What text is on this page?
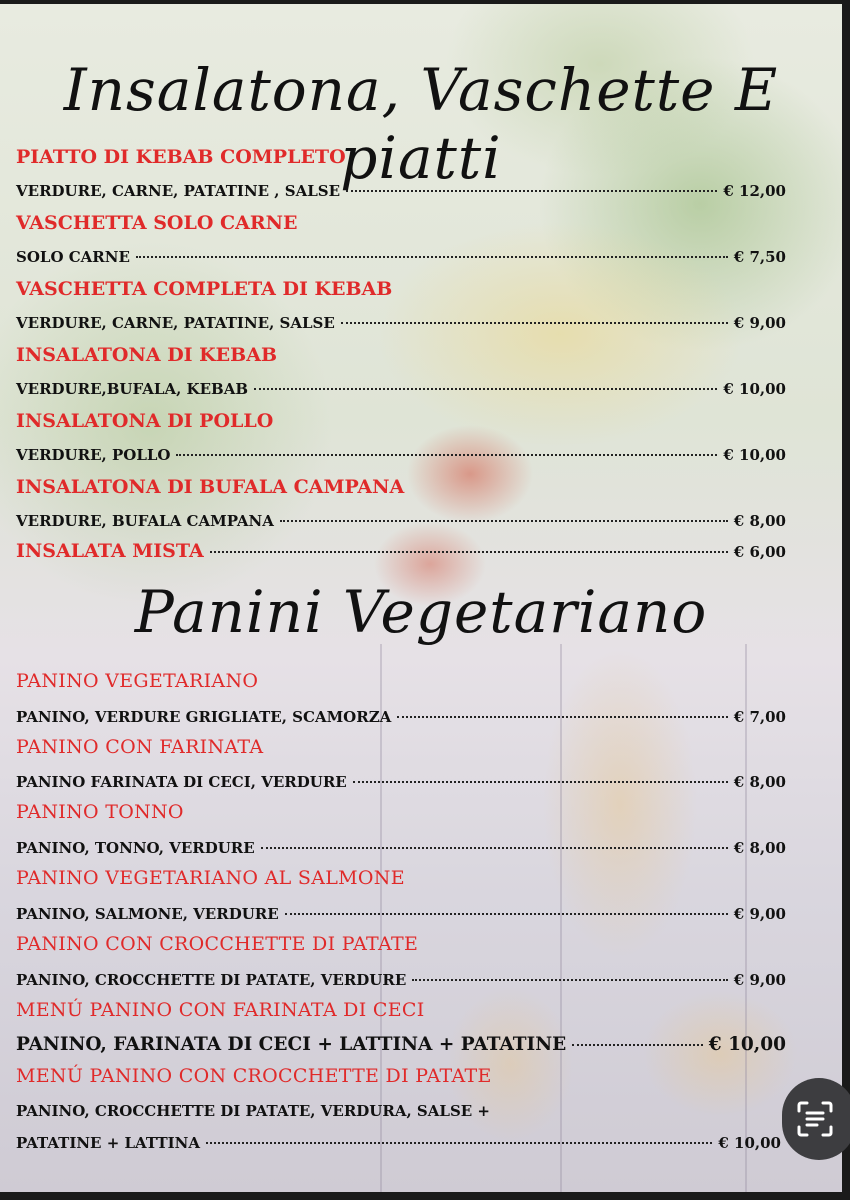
Insalatona, Vaschette E piatti
PIATTO DI KEBAB COMPLETO
VERDURE, CARNE, PATATINE , SALSE	€ 12,00
VASCHETTA SOLO CARNE
SOLO CARNE	€ 7,50
VASCHETTA COMPLETA DI KEBAB
VERDURE, CARNE, PATATINE, SALSE	€ 9,00
INSALATONA DI KEBAB
VERDURE,BUFALA, KEBAB	€ 10,00
INSALATONA DI POLLO
VERDURE, POLLO	€ 10,00
INSALATONA DI BUFALA CAMPANA
VERDURE, BUFALA CAMPANA	€ 8,00
INSALATA MISTA	€ 6,00
Panini Vegetariano
PANINO VEGETARIANO
PANINO, VERDURE GRIGLIATE, SCAMORZA	€ 7,00
PANINO CON FARINATA
PANINO FARINATA DI CECI, VERDURE	€ 8,00
PANINO TONNO
PANINO, TONNO, VERDURE	€ 8,00
PANINO VEGETARIANO AL SALMONE
PANINO, SALMONE, VERDURE	€ 9,00
PANINO CON CROCCHETTE DI PATATE
PANINO, CROCCHETTE DI PATATE, VERDURE	€ 9,00
MENÚ PANINO CON FARINATA DI CECI
PANINO, FARINATA DI CECI + LATTINA + PATATINE	€ 10,00
MENÚ PANINO CON CROCCHETTE DI PATATE
PANINO, CROCCHETTE DI PATATE, VERDURA, SALSE +
PATATINE + LATTINA	€ 10,00
